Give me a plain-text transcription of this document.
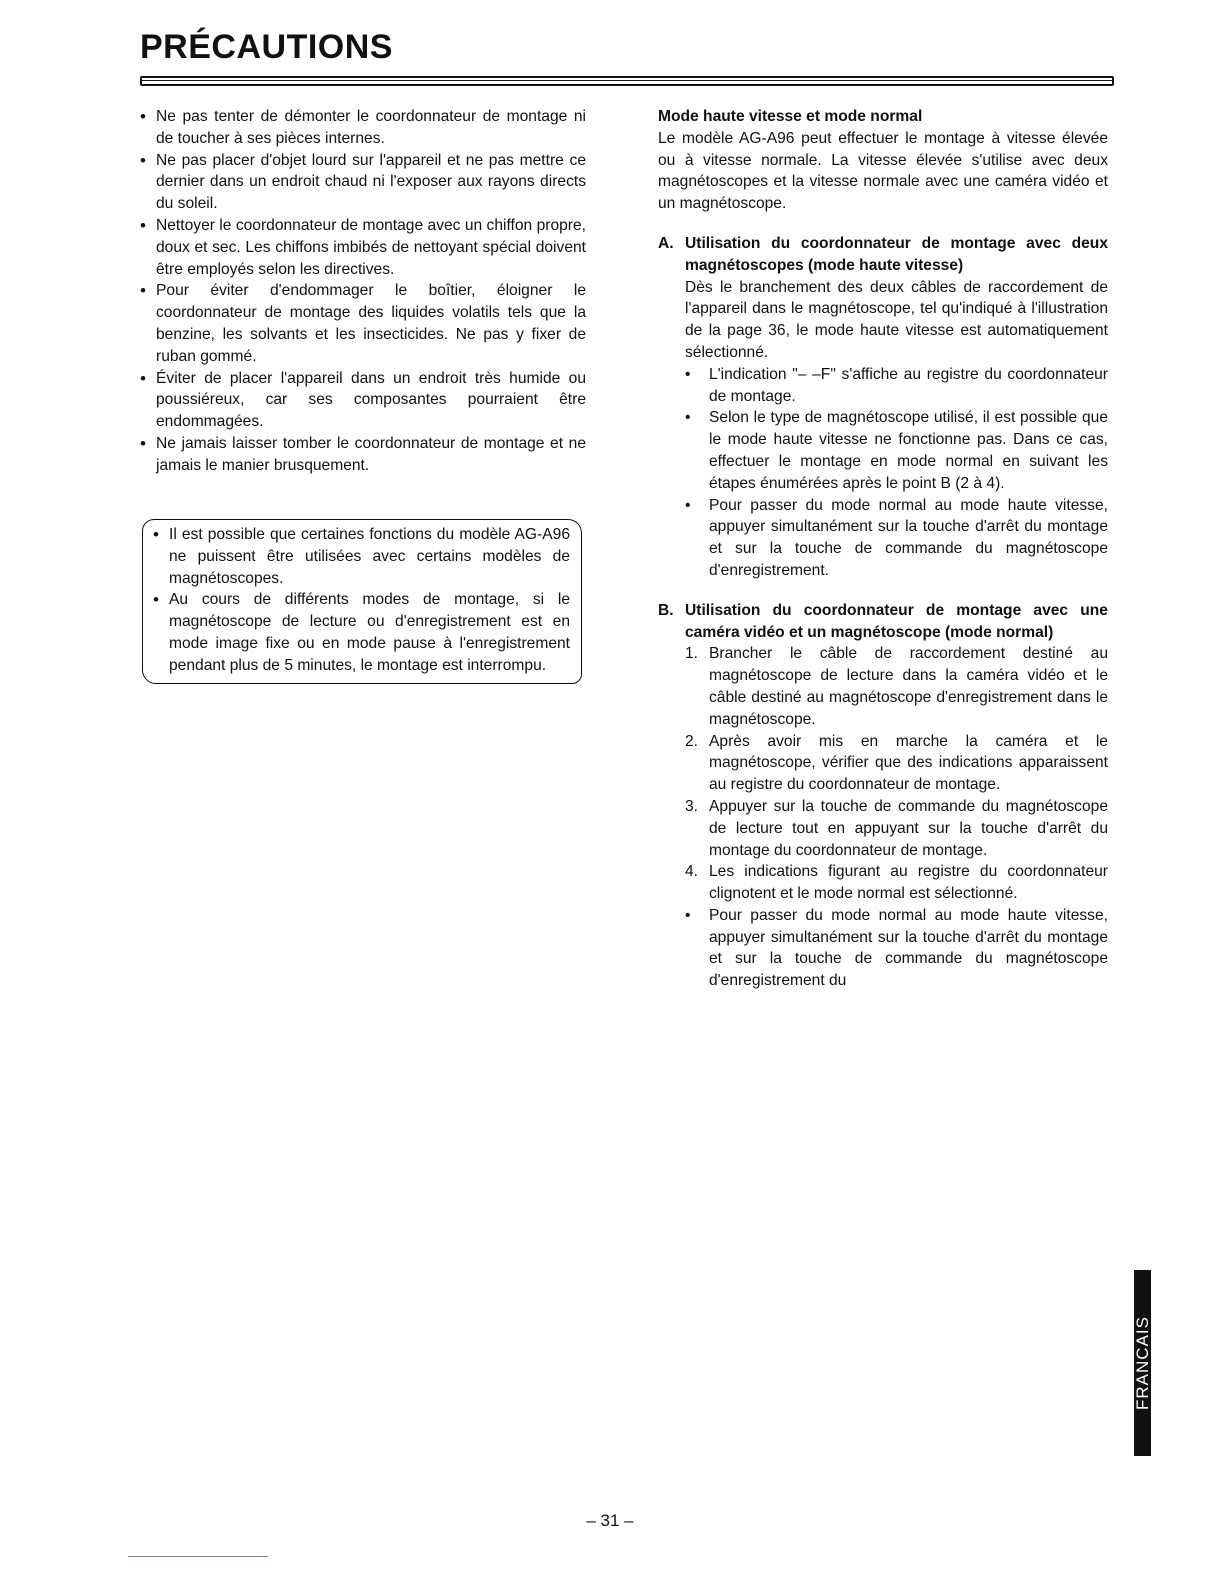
PRÉCAUTIONS
• Ne pas tenter de démonter le coordonnateur de montage ni de toucher à ses pièces internes.
• Ne pas placer d'objet lourd sur l'appareil et ne pas mettre ce dernier dans un endroit chaud ni l'exposer aux rayons directs du soleil.
• Nettoyer le coordonnateur de montage avec un chiffon propre, doux et sec. Les chiffons imbibés de nettoyant spécial doivent être employés selon les directives.
• Pour éviter d'endommager le boîtier, éloigner le coordonnateur de montage des liquides volatils tels que la benzine, les solvants et les insecticides. Ne pas y fixer de ruban gommé.
• Éviter de placer l'appareil dans un endroit très humide ou poussiéreux, car ses composantes pourraient être endommagées.
• Ne jamais laisser tomber le coordonnateur de montage et ne jamais le manier brusquement.
• Il est possible que certaines fonctions du modèle AG-A96 ne puissent être utilisées avec certains modèles de magnétoscopes.
• Au cours de différents modes de montage, si le magnétoscope de lecture ou d'enregistrement est en mode image fixe ou en mode pause à l'enregistrement pendant plus de 5 minutes, le montage est interrompu.
Mode haute vitesse et mode normal
Le modèle AG-A96 peut effectuer le montage à vitesse élevée ou à vitesse normale. La vitesse élevée s'utilise avec deux magnétoscopes et la vitesse normale avec une caméra vidéo et un magnétoscope.
A. Utilisation du coordonnateur de montage avec deux magnétoscopes (mode haute vitesse)
Dès le branchement des deux câbles de raccordement de l'appareil dans le magnétoscope, tel qu'indiqué à l'illustration de la page 36, le mode haute vitesse est automatiquement sélectionné.
• L'indication "– –F" s'affiche au registre du coordonnateur de montage.
• Selon le type de magnétoscope utilisé, il est possible que le mode haute vitesse ne fonctionne pas. Dans ce cas, effectuer le montage en mode normal en suivant les étapes énumérées après le point B (2 à 4).
• Pour passer du mode normal au mode haute vitesse, appuyer simultanément sur la touche d'arrêt du montage et sur la touche de commande du magnétoscope d'enregistrement.
B. Utilisation du coordonnateur de montage avec une caméra vidéo et un magnétoscope (mode normal)
1. Brancher le câble de raccordement destiné au magnétoscope de lecture dans la caméra vidéo et le câble destiné au magnétoscope d'enregistrement dans le magnétoscope.
2. Après avoir mis en marche la caméra et le magnétoscope, vérifier que des indications apparaissent au registre du coordonnateur de montage.
3. Appuyer sur la touche de commande du magnétoscope de lecture tout en appuyant sur la touche d'arrêt du montage du coordonnateur de montage.
4. Les indications figurant au registre du coordonnateur clignotent et le mode normal est sélectionné.
• Pour passer du mode normal au mode haute vitesse, appuyer simultanément sur la touche d'arrêt du montage et sur la touche de commande du magnétoscope d'enregistrement du
FRANCAIS
– 31 –
